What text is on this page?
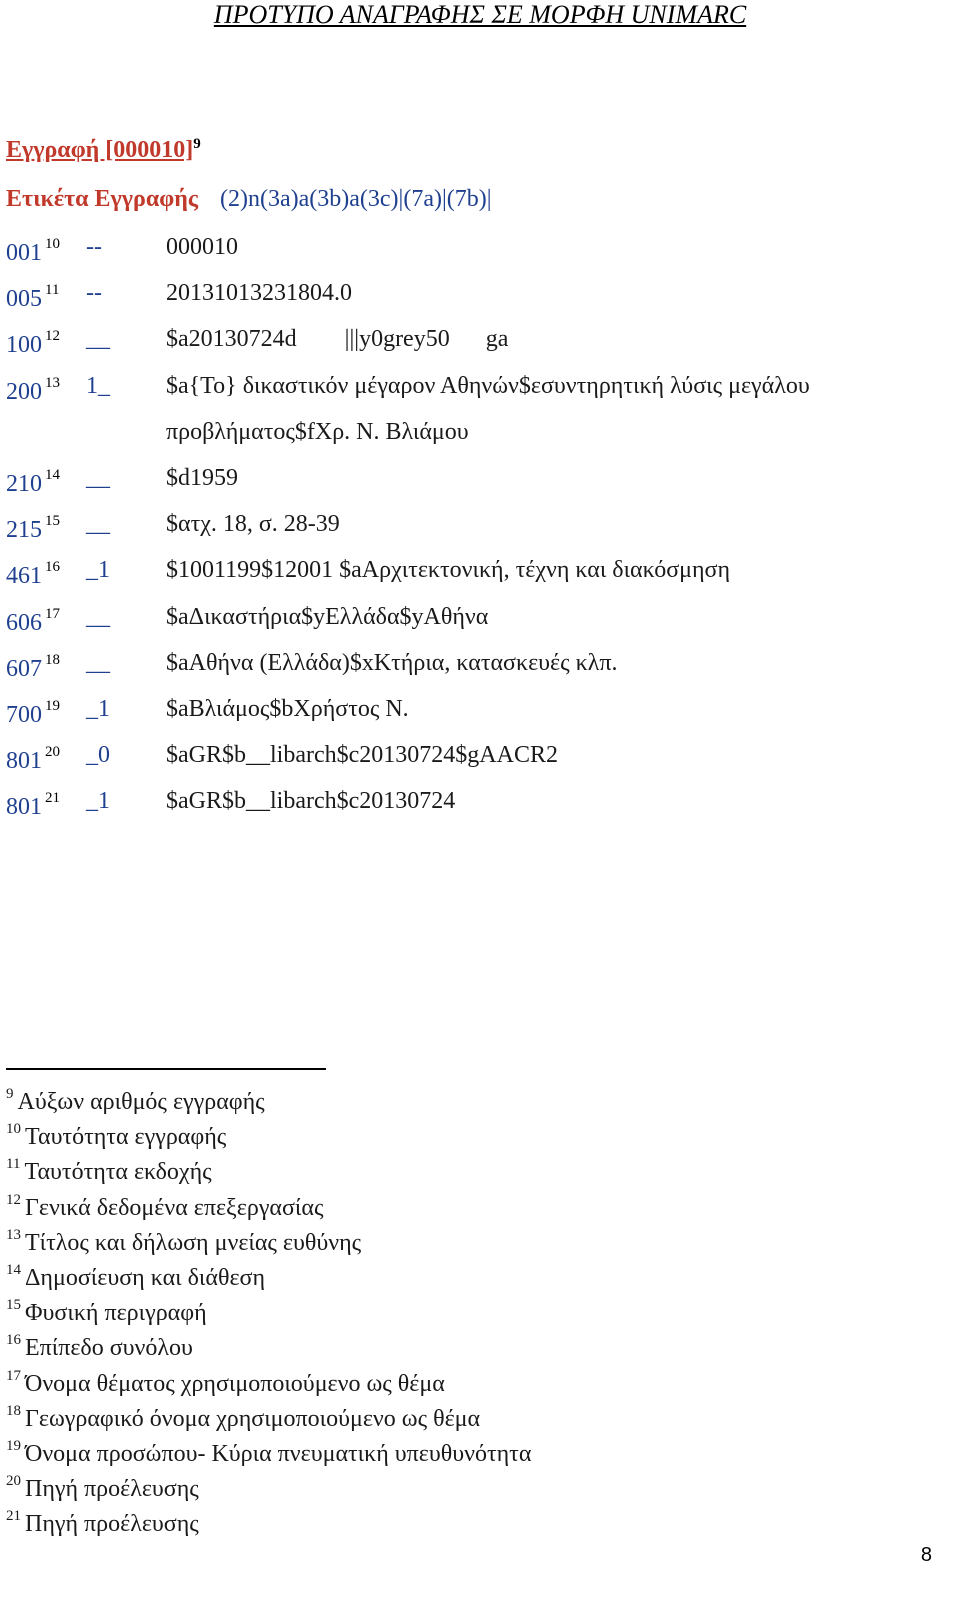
ΠΡΟΤΥΠΟ ΑΝΑΓΡΑΦΗΣ ΣΕ ΜΟΡΦΗ UNIMARC
Εγγραφή $[000010]^9$
Ετικέτα Εγγραφής (2)n(3a)a(3b)a(3c)|(7a)|(7b)|
001 $^{10}$ --	000010
005 $^{11}$ --	20131013231804.0
100 $^{12}$ __ $a20130724d        |||y0grey50      ga
200 $^{13}$ 1_ $a{Το} δικαστικόν μέγαρον Αθηνών$εσυντηρητική λύσις μεγάλου
προβλήματος$fΧρ. Ν. Βλιάμου
210 $^{14}$ __ $d1959
215 $^{15}$ __ $ατχ. 18, σ. 28-39
461 $^{16}$ _1 $1001199$12001 $aΑρχιτεκτονική, τέχνη και διακόσμηση
606 $^{17}$ __ $aΔικαστήρια$yΕλλάδα$yΑθήνα
607 $^{18}$ __ $aΑθήνα (Ελλάδα)$xΚτήρια, κατασκευές κλπ.
700 $^{19}$ _1 $aΒλιάμος$bΧρήστος Ν.
801 $^{20}$ _0 $aGR$b__libarch$c20130724$gAACR2
801 $^{21}$ _1 $aGR$b__libarch$c20130724
$^9$ Αύξων αριθμός εγγραφής
$^{10}$ Ταυτότητα εγγραφής
$^{11}$ Ταυτότητα εκδοχής
$^{12}$ Γενικά δεδομένα επεξεργασίας
$^{13}$ Τίτλος και δήλωση μνείας ευθύνης
$^{14}$ Δημοσίευση και διάθεση
$^{15}$ Φυσική περιγραφή
$^{16}$ Επίπεδο συνόλου
$^{17}$ Όνομα θέματος χρησιμοποιούμενο ως θέμα
$^{18}$ Γεωγραφικό όνομα χρησιμοποιούμενο ως θέμα
$^{19}$ Όνομα προσώπου- Κύρια πνευματική υπευθυνότητα
$^{20}$ Πηγή προέλευσης
$^{21}$ Πηγή προέλευσης
8
